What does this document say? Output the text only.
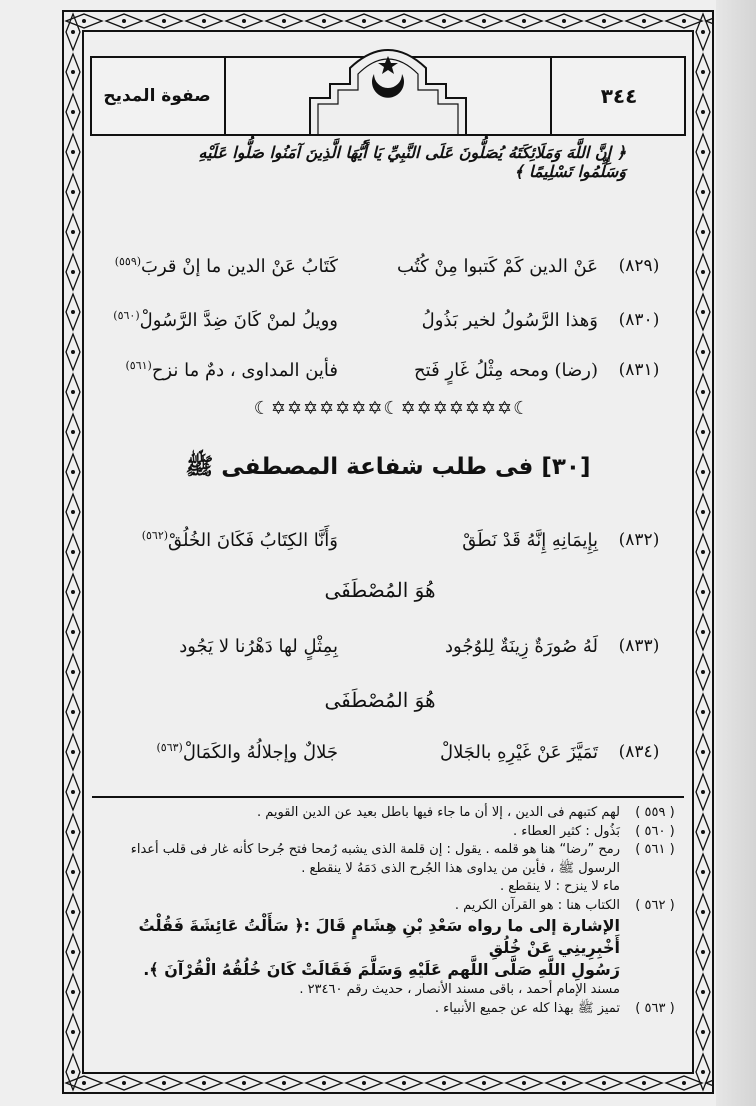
صفوة المديح	٣٤٤
﴿ إِنَّ اللَّهَ وَمَلَائِكَتَهُ يُصَلُّونَ عَلَى النَّبِيِّ يَا أَيُّهَا الَّذِينَ آمَنُوا صَلُّوا عَلَيْهِ وَسَلِّمُوا تَسْلِيمًا ﴾
(٨٢٩)
عَنْ الدين كَمْ كَتبوا مِنْ كُتُب
كَتَابُ عَنْ الدين ما إنْ قربَ$^{(٥٥٩)}$
(٨٣٠)
وَهذا الرَّسُولُ لخير بَذُولُ
وويلُ لمنْ كَانَ ضِدَّ الرَّسُولْ$^{(٥٦٠)}$
(٨٣١)
(رضا) ومحه مِثْلُ غَارٍ فَتح
فأين المداوى ، دمٌ ما نزح$^{(٥٦١)}$
☾✡✡✡✡✡✡✡☾✡✡✡✡✡✡✡☾
[٣٠] فى طلب شفاعة المصطفى ﷺ
(٨٣٢)
بِإِيمَانِهِ إِنَّهُ قَدْ نَطَقْ
وَأَنَّا الكِتَابُ فَكَانَ الخُلُقْ$^{(٥٦٢)}$
هُوَ المُصْطَفَى
(٨٣٣)
لَهُ صُورَةٌ زِينَةٌ لِلوُجُود
بِمِثْلٍ لها دَهْرُنا لا يَجُود
هُوَ المُصْطَفَى
(٨٣٤)
تَمَيَّزَ عَنْ غَيْرِهِ بالجَلالْ
جَلالٌ وإجلالُهُ والكَمَالْ$^{(٥٦٣)}$
( ٥٥٩ )
لهم كتبهم فى الدين ، إلا أن ما جاء فيها باطل بعيد عن الدين القويم .
( ٥٦٠ )
بَذُول : كثير العطاء .
( ٥٦١ )
رمح ”رضا“ هنا هو قلمه . يقول : إن قلمة الذى يشبه رُمحا فتح جُرحا كأنه غار فى قلب أعداء
الرسول ﷺ ، فأين من يداوى هذا الجُرح الذى دَمَهُ لا ينقطع .
ماء لا ينزح : لا ينقطع .
( ٥٦٢ )
الكتاب هنا : هو القرآن الكريم .
الإشارة إلى ما رواه سَعْدِ بْنِ هِشَامٍ قَالَ :﴿ سَأَلْتُ عَائِشَةَ فَقُلْتُ أَخْبِرِينِي عَنْ خُلُقِ
رَسُولِ اللَّهِ صَلَّى اللَّهم عَلَيْهِ وَسَلَّمَ فَقَالَتْ كَانَ خُلُقُهُ الْقُرْآنَ ﴾.
مسند الإمام أحمد ، باقى مسند الأنصار ، حديث رقم ٢٣٤٦٠ .
( ٥٦٣ )
تميز ﷺ بهذا كله عن جميع الأنبياء .
